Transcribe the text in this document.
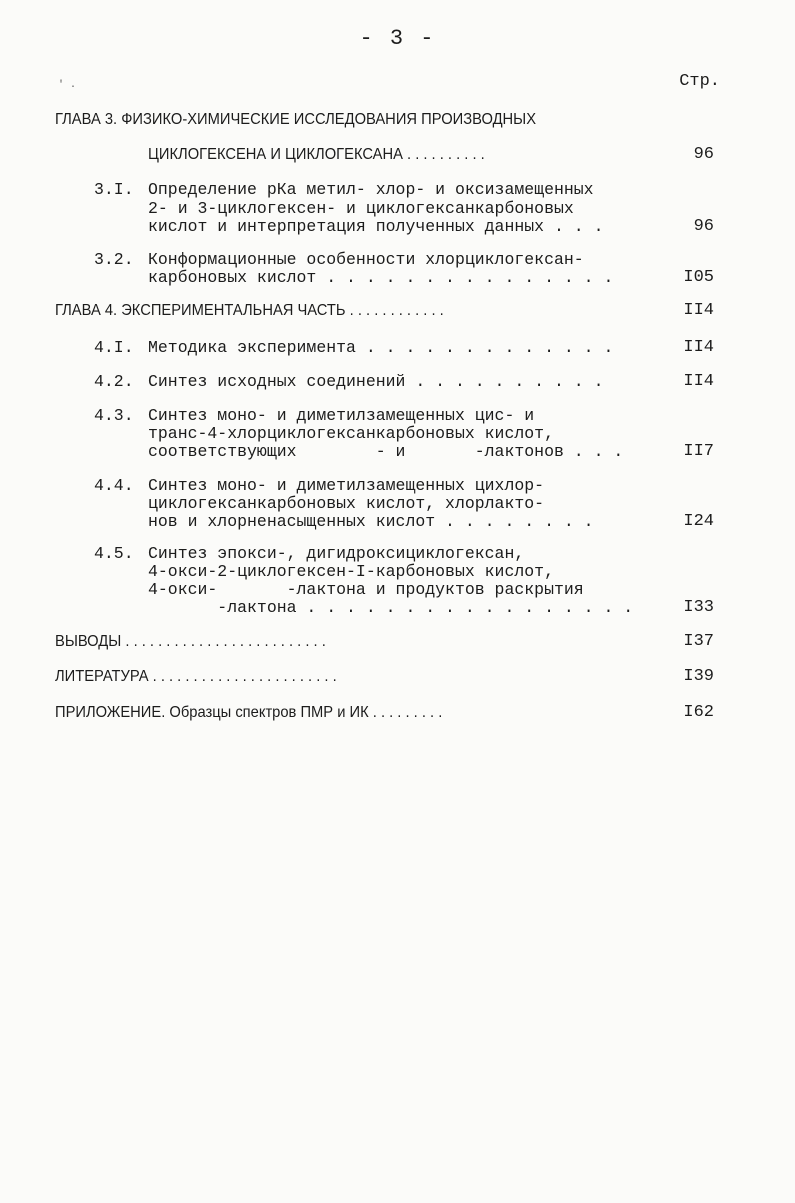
- 3 -
' .	Стр.
ГЛАВА 3. ФИЗИКО-ХИМИЧЕСКИЕ ИССЛЕДОВАНИЯ ПРОИЗВОДНЫХ
ЦИКЛОГЕКСЕНА И ЦИКЛОГЕКСАНА . . . . . . . . . .	96
3.I. Определение рКа метил- хлор- и оксизамещенных
2- и 3-циклогексен- и циклогексанкарбоновых
кислот и интерпретация полученных данных . . .	96
3.2. Конформационные особенности хлорциклогексан-
карбоновых кислот . . . . . . . . . . . . . . .	I05
ГЛАВА 4. ЭКСПЕРИМЕНТАЛЬНАЯ ЧАСТЬ . . . . . . . . . . . .	II4
4.I. Методика эксперимента . . . . . . . . . . . . .	II4
4.2. Синтез исходных соединений . . . . . . . . . .	II4
4.3. Синтез моно- и диметилзамещенных цис- и
транс-4-хлорциклогексанкарбоновых кислот,
соответствующих        - и       -лактонов . . .	II7
4.4. Синтез моно- и диметилзамещенных цихлор-
циклогексанкарбоновых кислот, хлорлакто-
нов и хлорненасыщенных кислот . . . . . . . .	I24
4.5. Синтез эпокси-, дигидроксициклогексан,
4-окси-2-циклогексен-I-карбоновых кислот,
4-окси-       -лактона и продуктов раскрытия
-лактона . . . . . . . . . . . . . . . . .	I33
ВЫВОДЫ . . . . . . . . . . . . . . . . . . . . . . . . .	I37
ЛИТЕРАТУРА . . . . . . . . . . . . . . . . . . . . . . .	I39
ПРИЛОЖЕНИЕ. Образцы спектров ПМР и ИК . . . . . . . . .	I62
